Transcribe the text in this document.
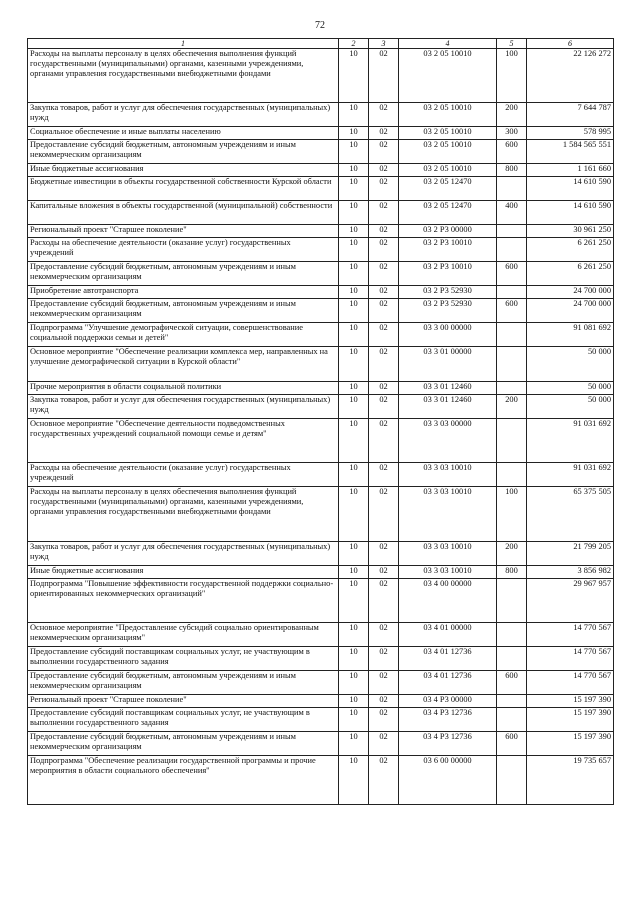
72
1	2	3	4	5	6
Расходы на выплаты персоналу в целях обеспечения выполнения функций государственными (муниципальными) органами, казенными учреждениями, органами управления государственными внебюджетными фондами	10	02	03 2 05 10010	100	22 126 272
Закупка товаров, работ и услуг для обеспечения государственных (муниципальных) нужд	10	02	03 2 05 10010	200	7 644 787
Социальное обеспечение и иные выплаты населению	10	02	03 2 05 10010	300	578 995
Предоставление субсидий бюджетным, автономным учреждениям и иным некоммерческим организациям	10	02	03 2 05 10010	600	1 584 565 551
Иные бюджетные ассигнования	10	02	03 2 05 10010	800	1 161 660
Бюджетные инвестиции в объекты государственной собственности Курской области	10	02	03 2 05 12470		14 610 590
Капитальные вложения в объекты государственной (муниципальной) собственности	10	02	03 2 05 12470	400	14 610 590
Региональный проект "Старшее поколение"	10	02	03 2 P3 00000		30 961 250
Расходы на обеспечение деятельности (оказание услуг) государственных учреждений	10	02	03 2 P3 10010		6 261 250
Предоставление субсидий бюджетным, автономным учреждениям и иным некоммерческим организациям	10	02	03 2 P3 10010	600	6 261 250
Приобретение автотранспорта	10	02	03 2 P3 52930		24 700 000
Предоставление субсидий бюджетным, автономным учреждениям и иным некоммерческим организациям	10	02	03 2 P3 52930	600	24 700 000
Подпрограмма "Улучшение демографической ситуации, совершенствование социальной поддержки семьи и детей"	10	02	03 3 00 00000		91 081 692
Основное мероприятие "Обеспечение реализации комплекса мер, направленных на улучшение демографической ситуации в Курской области"	10	02	03 3 01 00000		50 000
Прочие мероприятия в области социальной политики	10	02	03 3 01 12460		50 000
Закупка товаров, работ и услуг для обеспечения государственных (муниципальных) нужд	10	02	03 3 01 12460	200	50 000
Основное мероприятие "Обеспечение деятельности подведомственных государственных учреждений социальной помощи семье и детям"	10	02	03 3 03 00000		91 031 692
Расходы на обеспечение деятельности (оказание услуг) государственных учреждений	10	02	03 3 03 10010		91 031 692
Расходы на выплаты персоналу в целях обеспечения выполнения функций государственными (муниципальными) органами, казенными учреждениями, органами управления государственными внебюджетными фондами	10	02	03 3 03 10010	100	65 375 505
Закупка товаров, работ и услуг для обеспечения государственных (муниципальных) нужд	10	02	03 3 03 10010	200	21 799 205
Иные бюджетные ассигнования	10	02	03 3 03 10010	800	3 856 982
Подпрограмма "Повышение эффективности государственной поддержки социально-ориентированных некоммерческих организаций"	10	02	03 4 00 00000		29 967 957
Основное мероприятие "Предоставление субсидий социально ориентированным некоммерческим организациям"	10	02	03 4 01 00000		14 770 567
Предоставление субсидий поставщикам социальных услуг, не участвующим в выполнении государственного задания	10	02	03 4 01 12736		14 770 567
Предоставление субсидий бюджетным, автономным учреждениям и иным некоммерческим организациям	10	02	03 4 01 12736	600	14 770 567
Региональный проект "Старшее поколение"	10	02	03 4 P3 00000		15 197 390
Предоставление субсидий поставщикам социальных услуг, не участвующим в выполнении государственного задания	10	02	03 4 P3 12736		15 197 390
Предоставление субсидий бюджетным, автономным учреждениям и иным некоммерческим организациям	10	02	03 4 P3 12736	600	15 197 390
Подпрограмма "Обеспечение реализации государственной программы и прочие мероприятия в области социального обеспечения"	10	02	03 6 00 00000		19 735 657
